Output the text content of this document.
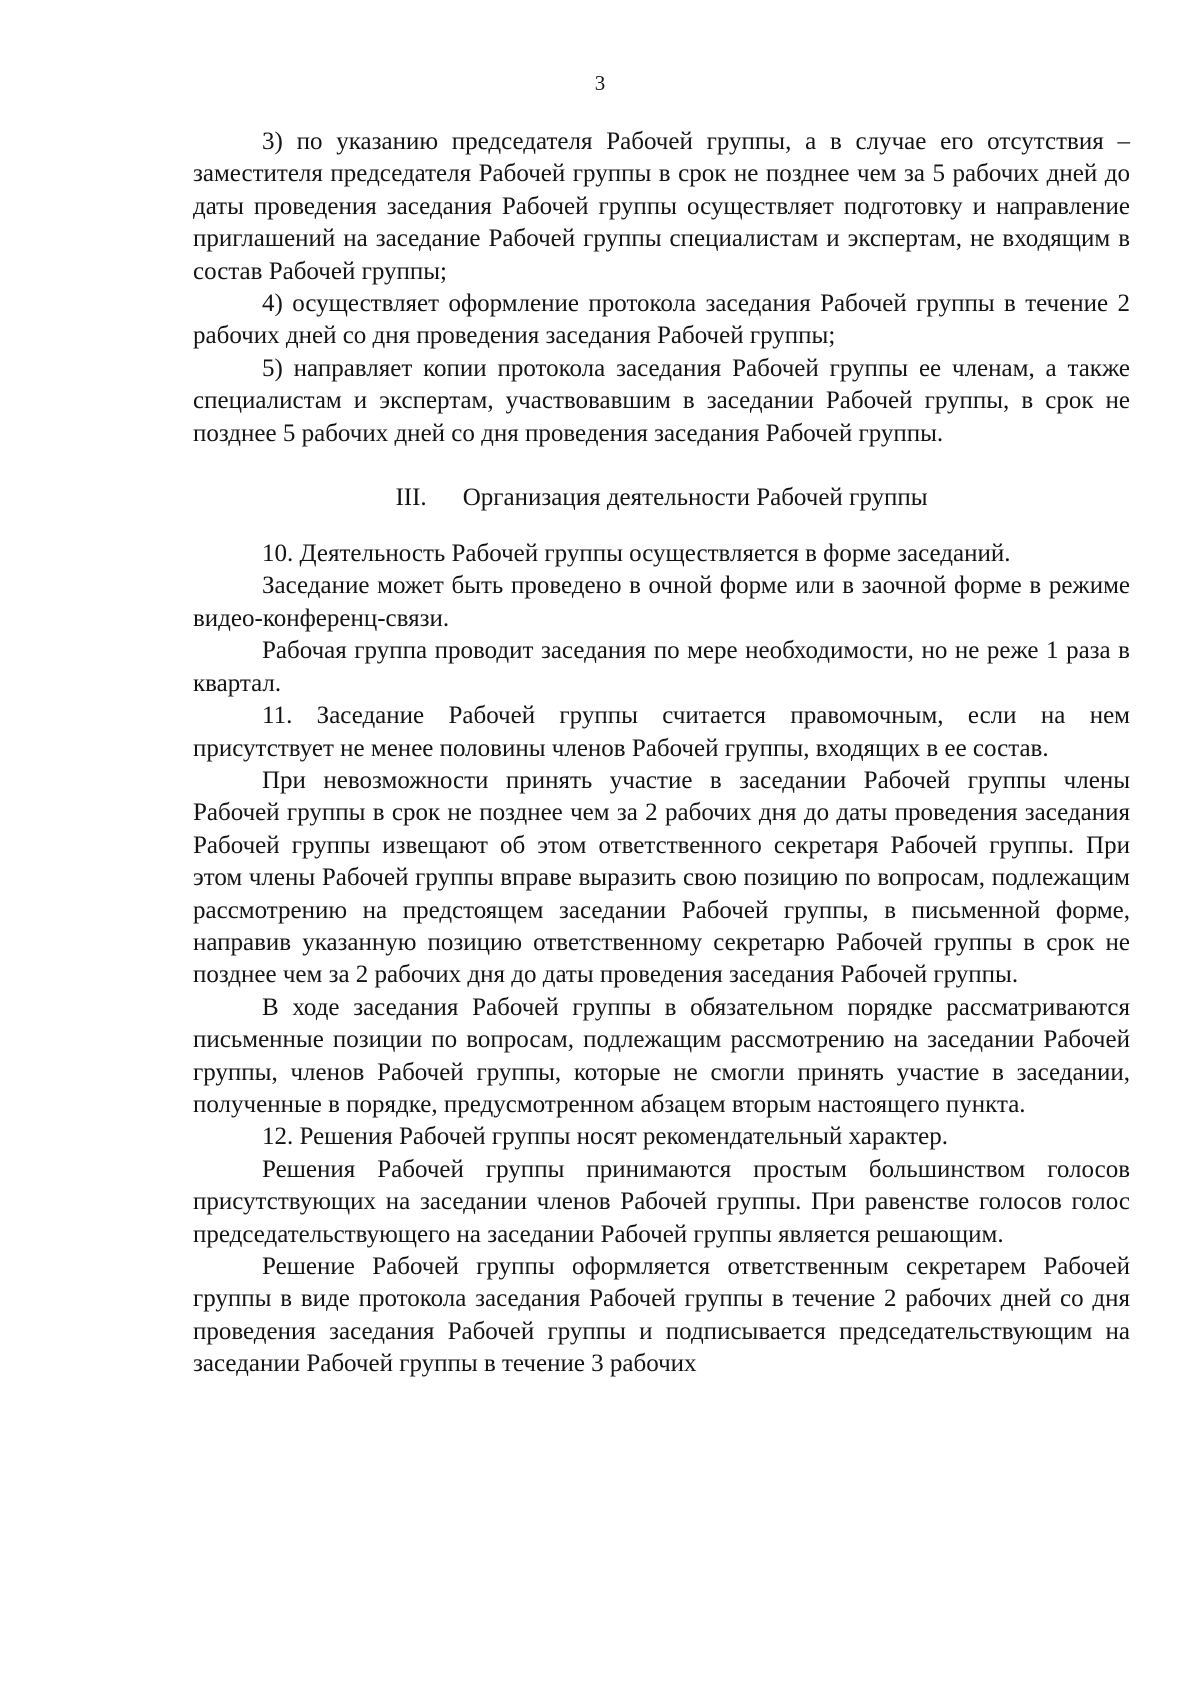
3

3) по указанию председателя Рабочей группы, а в случае его отсутствия – заместителя председателя Рабочей группы в срок не позднее чем за 5 рабочих дней до даты проведения заседания Рабочей группы осуществляет подготовку и направление приглашений на заседание Рабочей группы специалистам и экспертам, не входящим в состав Рабочей группы;

4) осуществляет оформление протокола заседания Рабочей группы в течение 2 рабочих дней со дня проведения заседания Рабочей группы;

5) направляет копии протокола заседания Рабочей группы ее членам, а также специалистам и экспертам, участвовавшим в заседании Рабочей группы, в срок не позднее 5 рабочих дней со дня проведения заседания Рабочей группы.

III. Организация деятельности Рабочей группы

10. Деятельность Рабочей группы осуществляется в форме заседаний.

Заседание может быть проведено в очной форме или в заочной форме в режиме видео-конференц-связи.

Рабочая группа проводит заседания по мере необходимости, но не реже 1 раза в квартал.

11. Заседание Рабочей группы считается правомочным, если на нем присутствует не менее половины членов Рабочей группы, входящих в ее состав.

При невозможности принять участие в заседании Рабочей группы члены Рабочей группы в срок не позднее чем за 2 рабочих дня до даты проведения заседания Рабочей группы извещают об этом ответственного секретаря Рабочей группы. При этом члены Рабочей группы вправе выразить свою позицию по вопросам, подлежащим рассмотрению на предстоящем заседании Рабочей группы, в письменной форме, направив указанную позицию ответственному секретарю Рабочей группы в срок не позднее чем за 2 рабочих дня до даты проведения заседания Рабочей группы.

В ходе заседания Рабочей группы в обязательном порядке рассматриваются письменные позиции по вопросам, подлежащим рассмотрению на заседании Рабочей группы, членов Рабочей группы, которые не смогли принять участие в заседании, полученные в порядке, предусмотренном абзацем вторым настоящего пункта.

12. Решения Рабочей группы носят рекомендательный характер.

Решения Рабочей группы принимаются простым большинством голосов присутствующих на заседании членов Рабочей группы. При равенстве голосов голос председательствующего на заседании Рабочей группы является решающим.

Решение Рабочей группы оформляется ответственным секретарем Рабочей группы в виде протокола заседания Рабочей группы в течение 2 рабочих дней со дня проведения заседания Рабочей группы и подписывается председательствующим на заседании Рабочей группы в течение 3 рабочих
